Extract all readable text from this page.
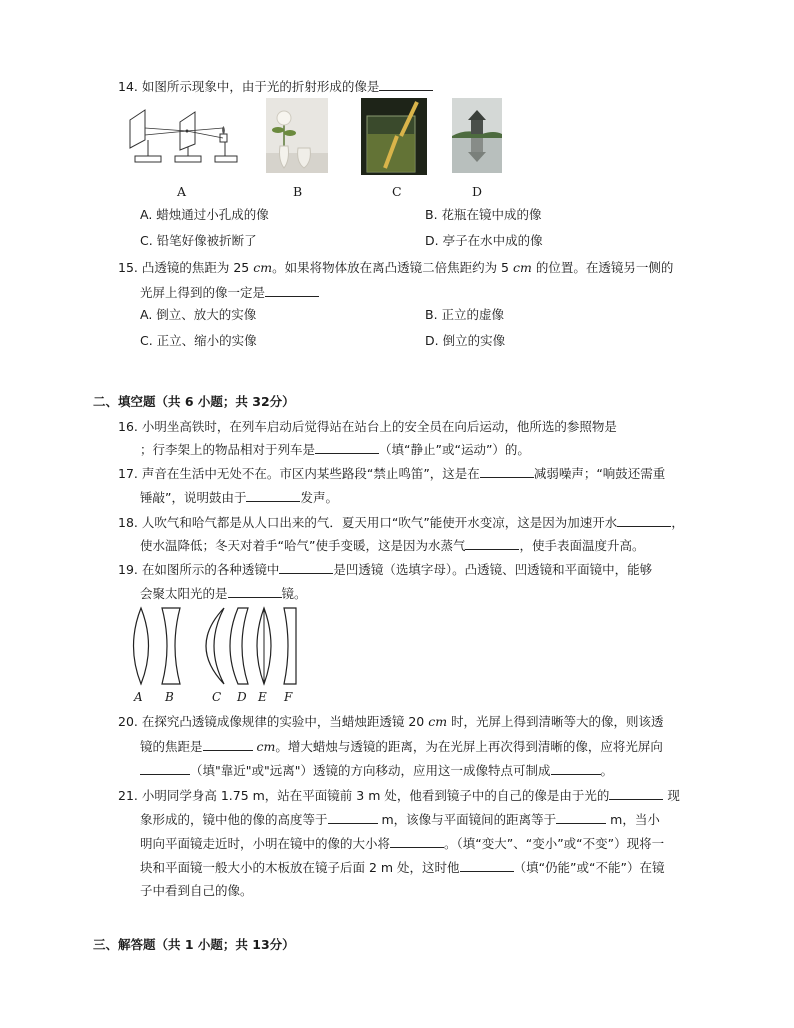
14. 如图所示现象中，由于光的折射形成的像是
A	B	C	D
A. 蜡烛通过小孔成的像	B. 花瓶在镜中成的像
C. 铅笔好像被折断了	D. 亭子在水中成的像
15. 凸透镜的焦距为 25 cm。如果将物体放在离凸透镜二倍焦距约为 5 cm 的位置。在透镜另一侧的
光屏上得到的像一定是
A. 倒立、放大的实像	B. 正立的虚像
C. 正立、缩小的实像	D. 倒立的实像
二、填空题（共 6 小题；共 32分）
16. 小明坐高铁时，在列车启动后觉得站在站台上的安全员在向后运动，他所选的参照物是
；行李架上的物品相对于列车是	（填“静止”或“运动”）的。
17. 声音在生活中无处不在。市区内某些路段“禁止鸣笛”，这是在	减弱噪声；“响鼓还需重
锤敲”，说明鼓由于	发声。
18. 人吹气和哈气都是从人口出来的气．夏天用口“吹气”能使开水变凉，这是因为加速开水	，
使水温降低；冬天对着手“哈气”使手变暖，这是因为水蒸气	，使手表面温度升高。
19. 在如图所示的各种透镜中	是凹透镜（选填字母）。凸透镜、凹透镜和平面镜中，能够
会聚太阳光的是	镜。
A B	C D E F
20. 在探究凸透镜成像规律的实验中，当蜡烛距透镜 20 cm 时，光屏上得到清晰等大的像，则该透
镜的焦距是	cm。增大蜡烛与透镜的距离，为在光屏上再次得到清晰的像，应将光屏向
（填"靠近"或"远离"）透镜的方向移动，应用这一成像特点可制成	。
21. 小明同学身高 1.75 m，站在平面镜前 3 m 处，他看到镜子中的自己的像是由于光的	现
象形成的，镜中他的像的高度等于	m，该像与平面镜间的距离等于	m，当小
明向平面镜走近时，小明在镜中的像的大小将	。（填“变大”、“变小”或“不变”）现将一
块和平面镜一般大小的木板放在镜子后面 2 m 处，这时他	（填“仍能”或“不能”）在镜
子中看到自己的像。
三、解答题（共 1 小题；共 13分）
